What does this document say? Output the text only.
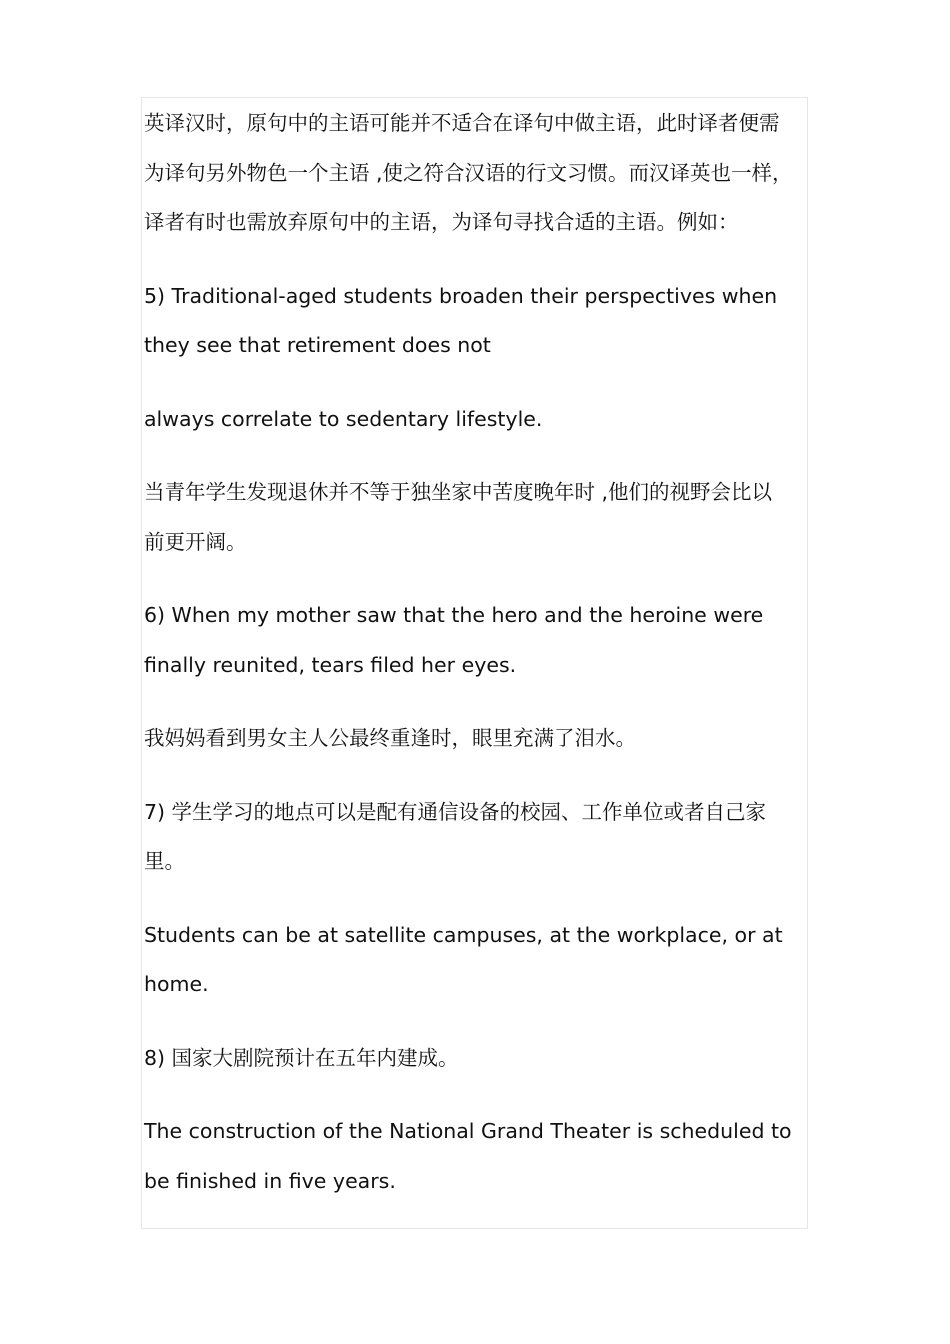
英译汉时，原句中的主语可能并不适合在译句中做主语，此时译者便需
为译句另外物色一个主语 ,使之符合汉语的行文习惯。而汉译英也一样，
译者有时也需放弃原句中的主语，为译句寻找合适的主语。例如：

5) Traditional-aged students broaden their perspectives when
they see that retirement does not

always correlate to sedentary lifestyle.

当青年学生发现退休并不等于独坐家中苦度晚年时 ,他们的视野会比以
前更开阔。

6) When my mother saw that the hero and the heroine were
finally reunited, tears filed her eyes.

我妈妈看到男女主人公最终重逢时，眼里充满了泪水。

7) 学生学习的地点可以是配有通信设备的校园、工作单位或者自己家
里。

Students can be at satellite campuses, at the workplace, or at
home.

8) 国家大剧院预计在五年内建成。

The construction of the National Grand Theater is scheduled to
be finished in five years.
